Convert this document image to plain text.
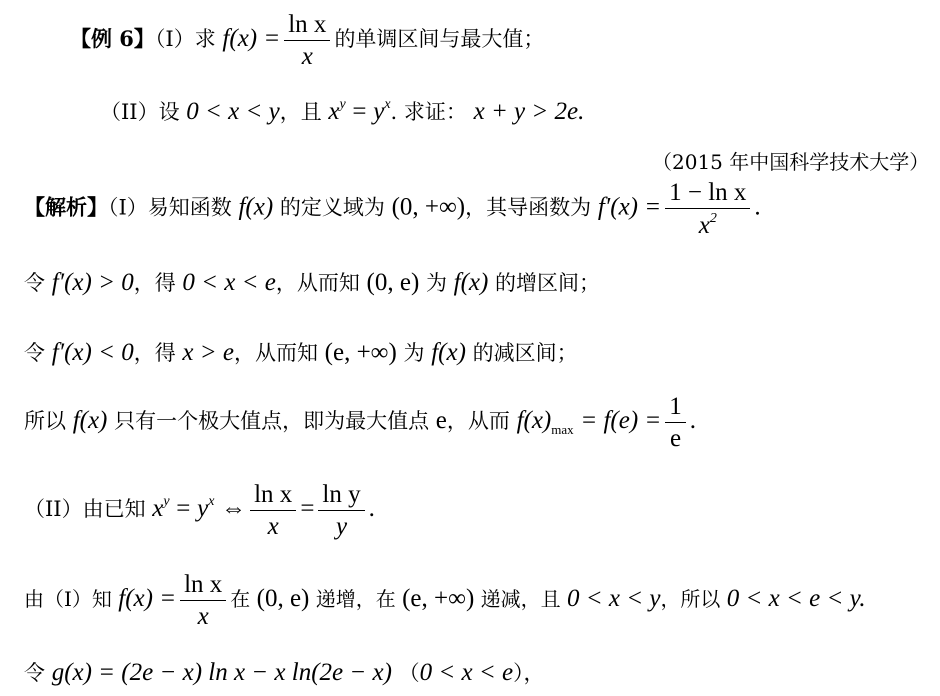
【例 6】（I）求 $f(x) = \frac{\text{ln x}}{x}$ 的单调区间与最大值；
（II）设 0 < x < y，且 $x^y = y^x$. 求证： x + y > 2e.
（2015 年中国科学技术大学）
【解析】（I）易知函数 f(x) 的定义域为 (0, +∞)，其导函数为 $f'(x) = \frac{\text{1 − ln x}}{x^2}$ .
令 f′(x) > 0，得 0 < x < e，从而知 (0, e) 为 f(x) 的增区间；
令 f′(x) < 0，得 x > e，从而知 (e, +∞) 为 f(x) 的减区间；
所以 f(x) 只有一个极大值点，即为最大值点 e，从而 $f(x)_{max} = f(e) = \frac{1}{e}$ .
（II）由已知 $x^y = y^x$ ⇔ $\frac{\text{ln x}}{x} = \frac{\text{ln y}}{y}$ .
由（I）知 $f(x) = \frac{\text{ln x}}{x}$ 在 (0, e) 递增，在 (e, +∞) 递减，且 0 < x < y，所以 0 < x < e < y.
令 g(x) = (2e − x) ln x − x ln(2e − x) （0 < x < e），
